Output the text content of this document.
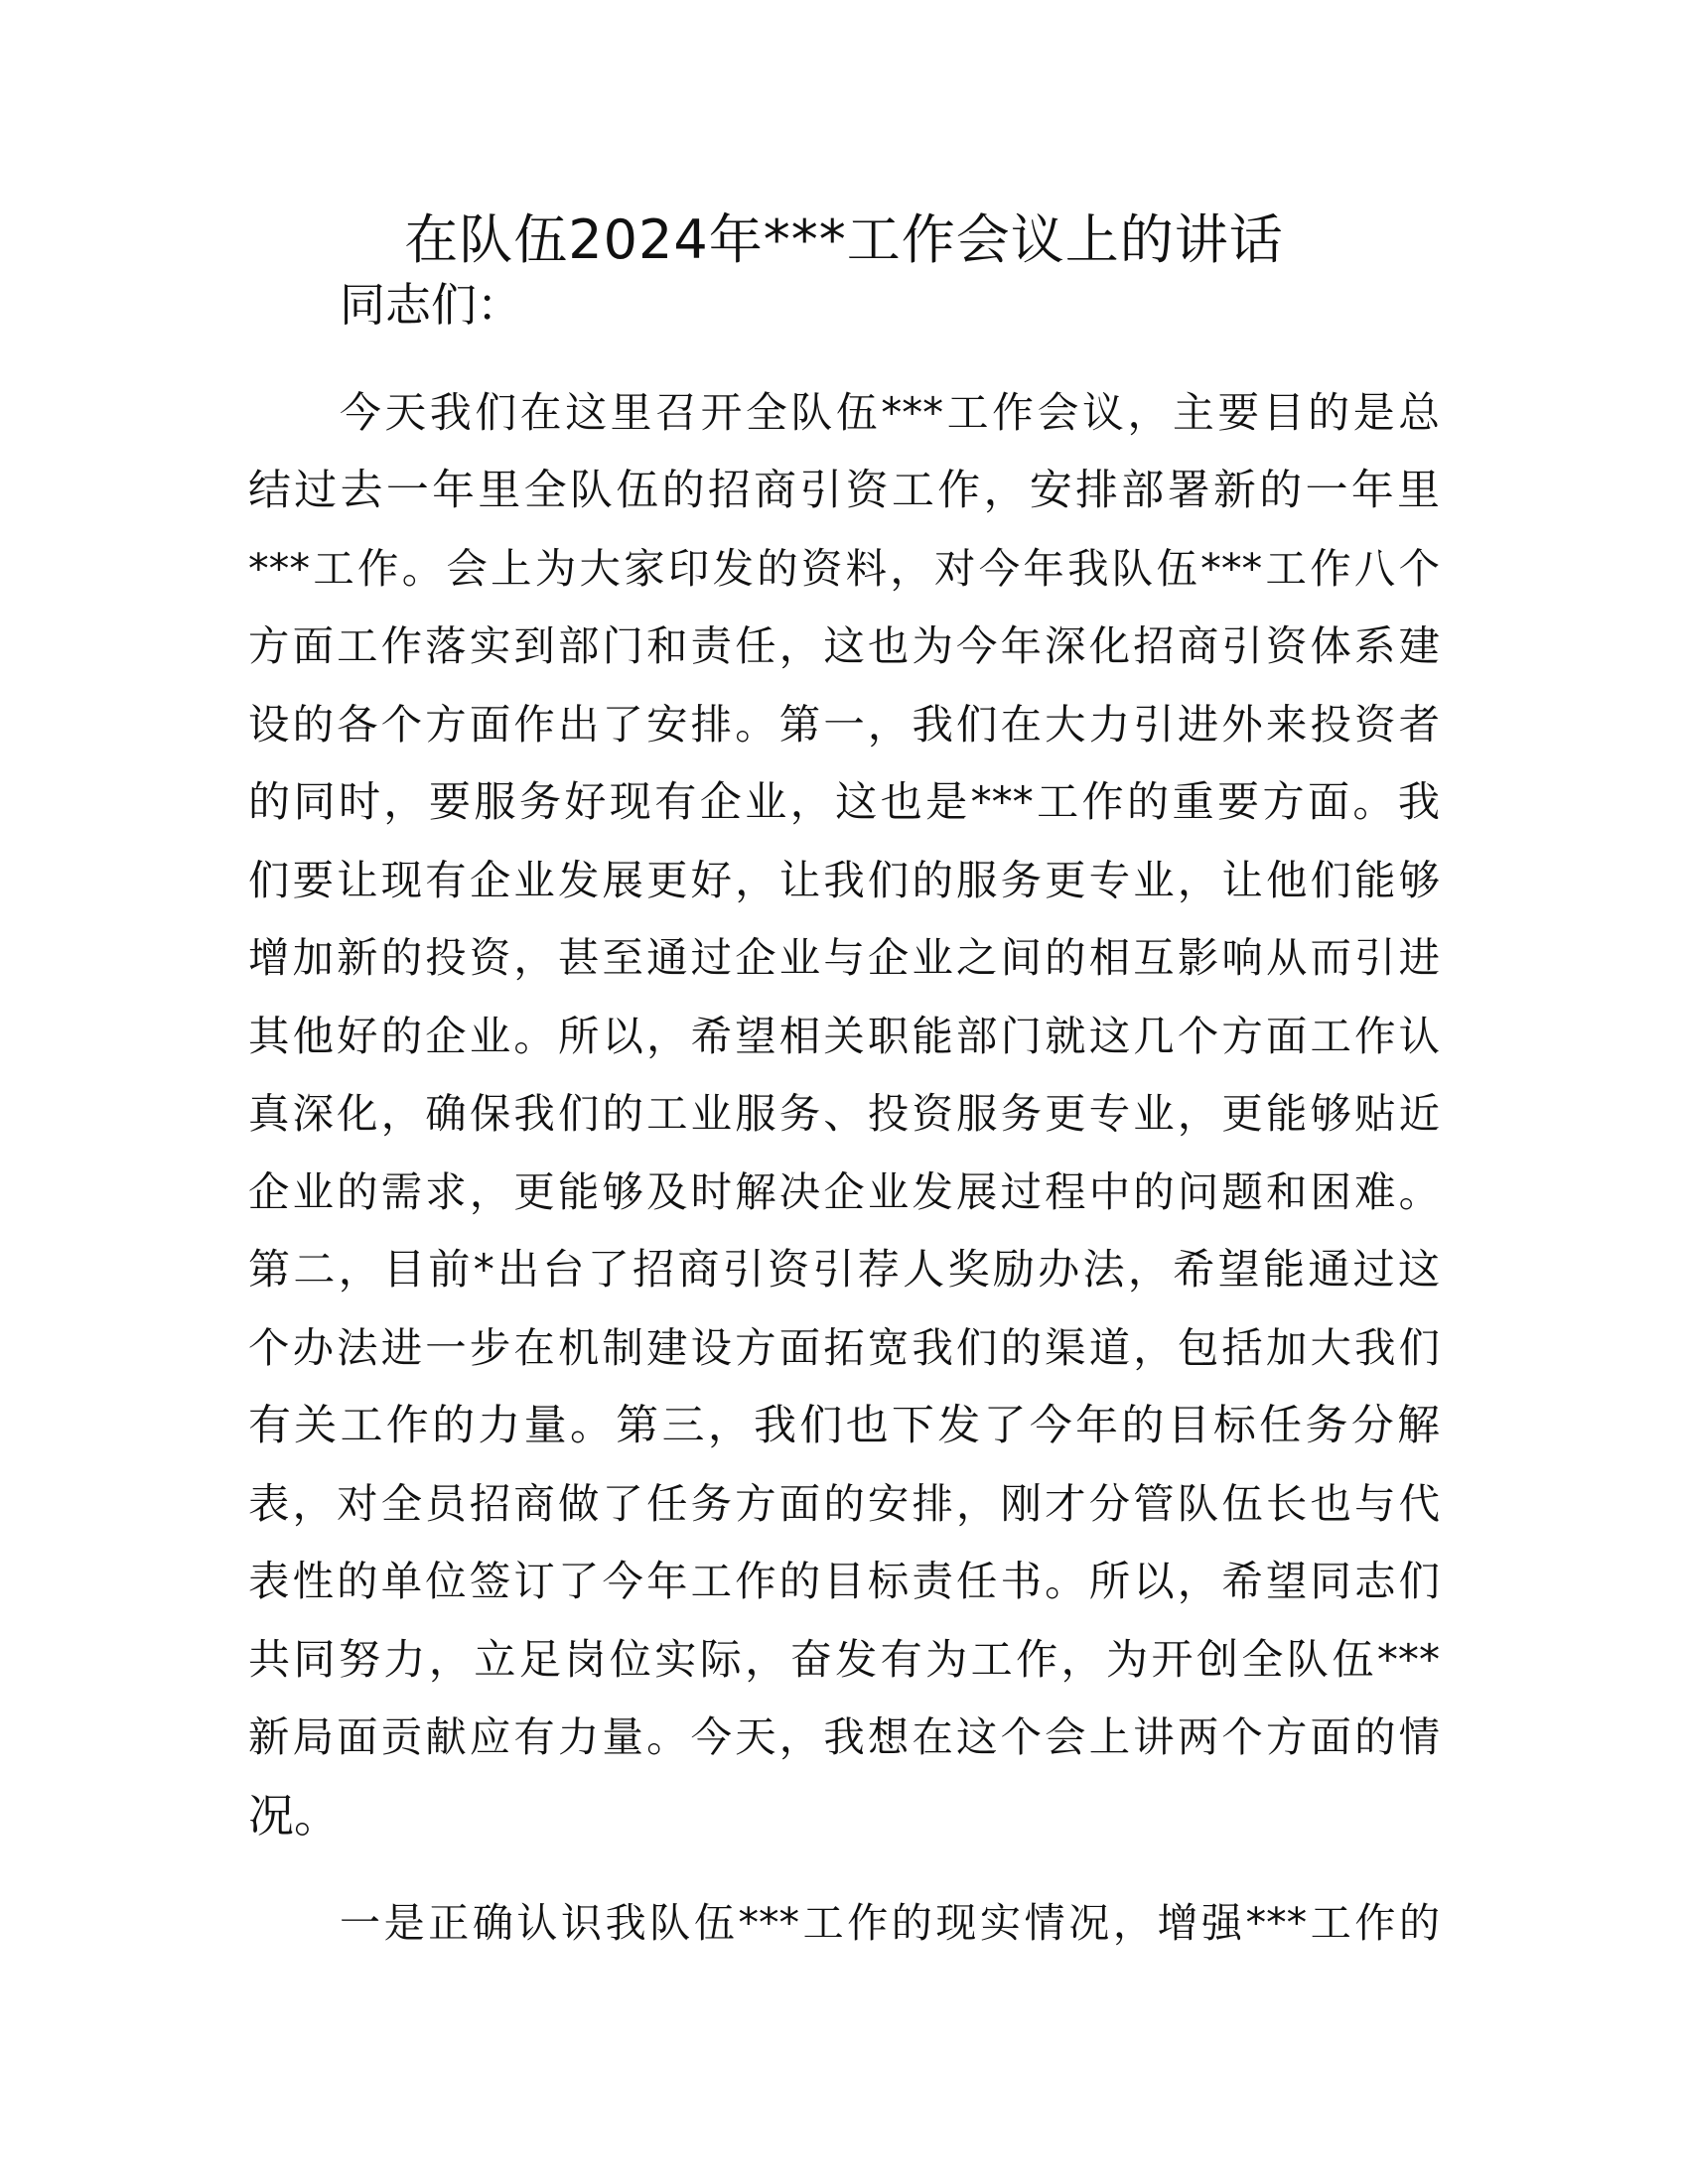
在队伍2024年***工作会议上的讲话

同志们：

今天我们在这里召开全队伍***工作会议，主要目的是总
结过去一年里全队伍的招商引资工作，安排部署新的一年里
***工作。会上为大家印发的资料，对今年我队伍***工作八个
方面工作落实到部门和责任，这也为今年深化招商引资体系建
设的各个方面作出了安排。第一，我们在大力引进外来投资者
的同时，要服务好现有企业，这也是***工作的重要方面。我
们要让现有企业发展更好，让我们的服务更专业，让他们能够
增加新的投资，甚至通过企业与企业之间的相互影响从而引进
其他好的企业。所以，希望相关职能部门就这几个方面工作认
真深化，确保我们的工业服务、投资服务更专业，更能够贴近
企业的需求，更能够及时解决企业发展过程中的问题和困难。
第二，目前*出台了招商引资引荐人奖励办法，希望能通过这
个办法进一步在机制建设方面拓宽我们的渠道，包括加大我们
有关工作的力量。第三，我们也下发了今年的目标任务分解
表，对全员招商做了任务方面的安排，刚才分管队伍长也与代
表性的单位签订了今年工作的目标责任书。所以，希望同志们
共同努力，立足岗位实际，奋发有为工作，为开创全队伍***
新局面贡献应有力量。今天，我想在这个会上讲两个方面的情
况。
一是正确认识我队伍***工作的现实情况，增强***工作的
